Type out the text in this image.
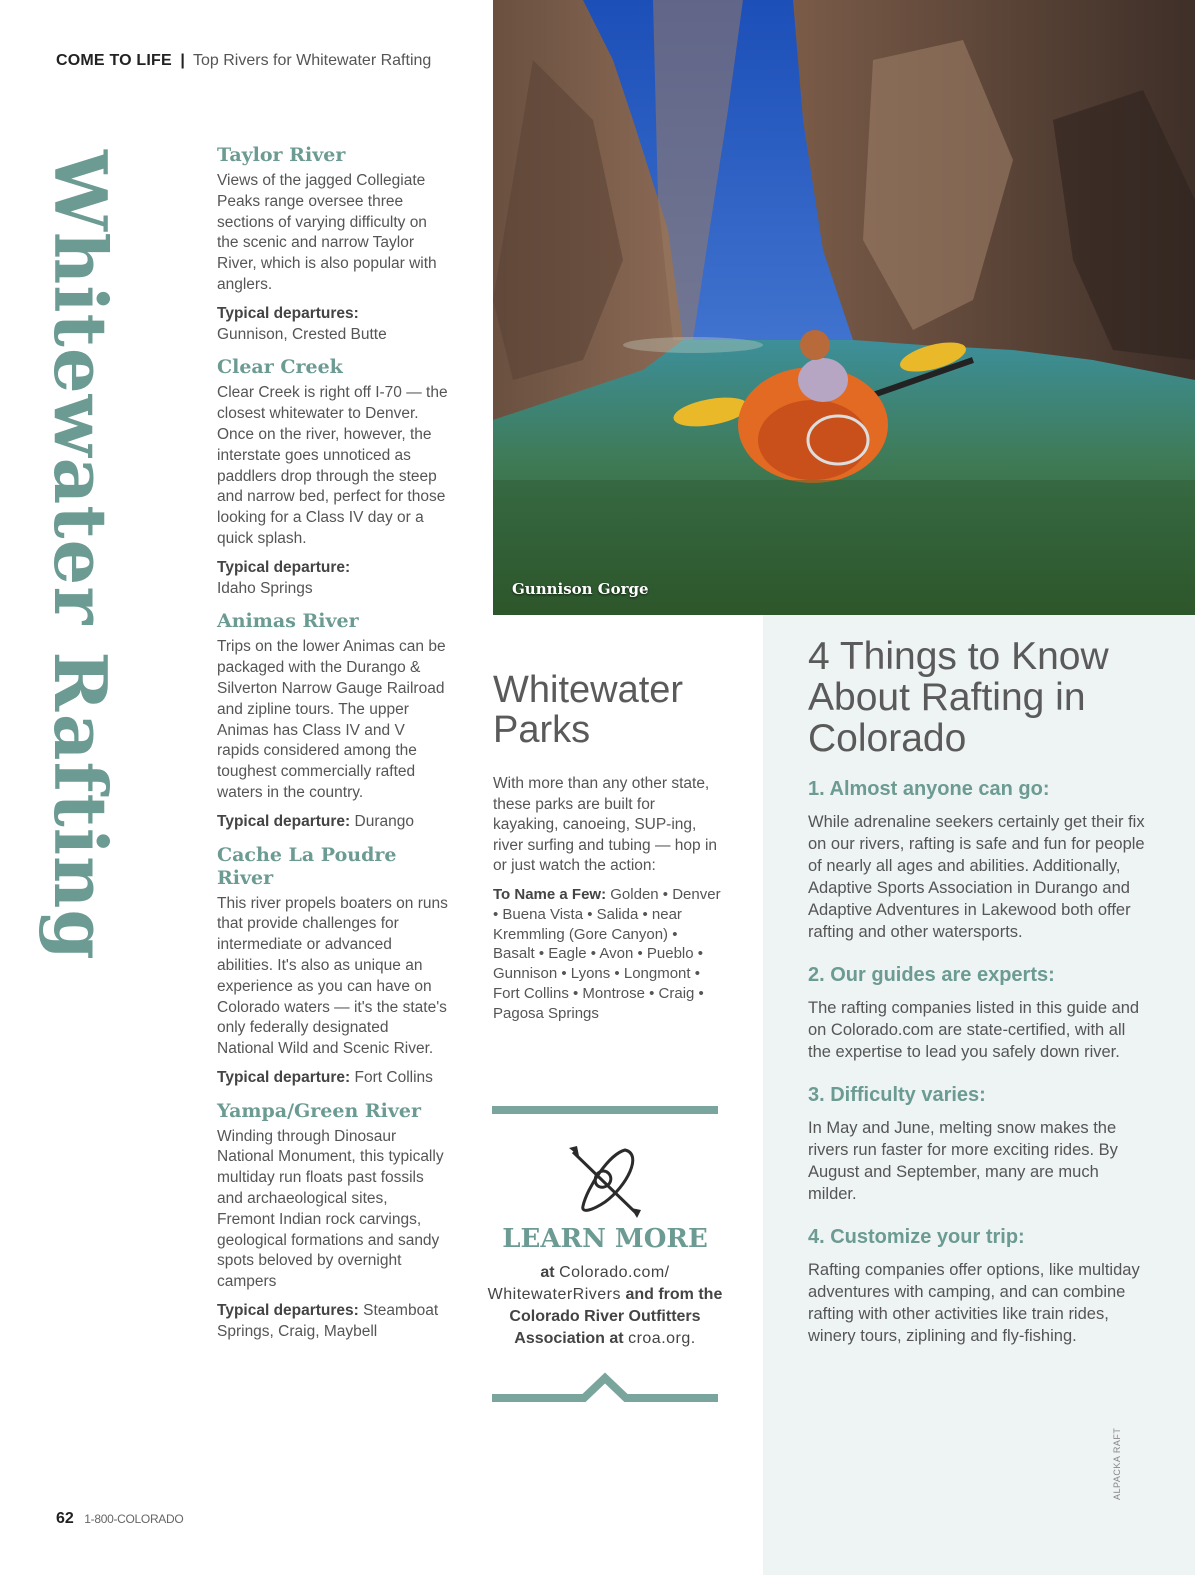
COME TO LIFE | Top Rivers for Whitewater Rafting
Whitewater Rafting	Taylor River

Views of the jagged Collegiate Peaks range oversee three sections of varying difficulty on the scenic and narrow Taylor River, which is also popular with anglers.

Typical departures:
Gunnison, Crested Butte

Clear Creek

Clear Creek is right off I-70 — the closest whitewater to Denver. Once on the river, however, the interstate goes unnoticed as paddlers drop through the steep and narrow bed, perfect for those looking for a Class IV day or a quick splash.

Typical departure:
Idaho Springs

Animas River

Trips on the lower Animas can be packaged with the Durango & Silverton Narrow Gauge Railroad and zipline tours. The upper Animas has Class IV and V rapids considered among the toughest commercially rafted waters in the country.

Typical departure: Durango

Cache La Poudre River

This river propels boaters on runs that provide challenges for intermediate or advanced abilities. It's also as unique an experience as you can have on Colorado waters — it's the state's only federally designated National Wild and Scenic River.

Typical departure: Fort Collins

Yampa/Green River

Winding through Dinosaur National Monument, this typically multiday run floats past fossils and archaeological sites, Fremont Indian rock carvings, geological formations and sandy spots beloved by overnight campers

Typical departures: Steamboat Springs, Craig, Maybell

Gunnison Gorge
Whitewater Parks

With more than any other state, these parks are built for kayaking, canoeing, SUP-ing, river surfing and tubing — hop in or just watch the action:

To Name a Few: Golden • Denver • Buena Vista • Salida • near Kremmling (Gore Canyon) • Basalt • Eagle • Avon • Pueblo • Gunnison • Lyons • Longmont • Fort Collins • Montrose • Craig • Pagosa Springs

LEARN MORE
at Colorado.com/ WhitewaterRivers and from the Colorado River Outfitters Association at croa.org.
4 Things to Know About Rafting in Colorado
1. Almost anyone can go:

While adrenaline seekers certainly get their fix on our rivers, rafting is safe and fun for people of nearly all ages and abilities. Additionally, Adaptive Sports Association in Durango and Adaptive Adventures in Lakewood both offer rafting and other watersports.

2. Our guides are experts:

The rafting companies listed in this guide and on Colorado.com are state-certified, with all the expertise to lead you safely down river.

3. Difficulty varies:

In May and June, melting snow makes the rivers run faster for more exciting rides. By August and September, many are much milder.

4. Customize your trip:

Rafting companies offer options, like multiday adventures with camping, and can combine rafting with other activities like train rides, winery tours, ziplining and fly-fishing.

ALPACKA RAFT
62 1-800-COLORADO
